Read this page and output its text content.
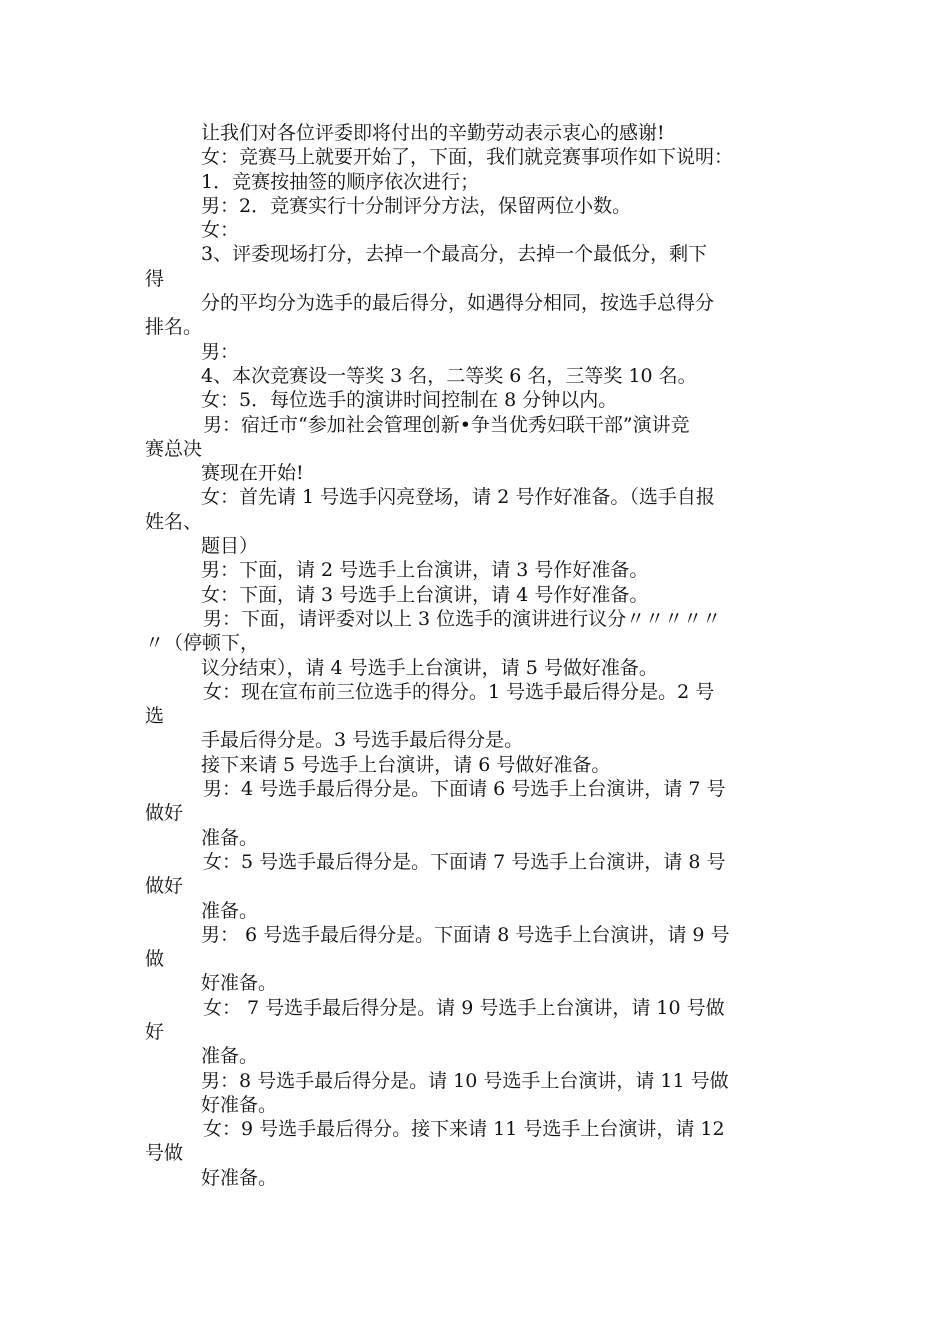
让我们对各位评委即将付出的辛勤劳动表示衷心的感谢!
女：竞赛马上就要开始了，下面，我们就竞赛事项作如下说明：
1．竞赛按抽签的顺序依次进行；
男：2．竞赛实行十分制评分方法，保留两位小数。
女：
3、评委现场打分，去掉一个最高分，去掉一个最低分，剩下
得
分的平均分为选手的最后得分，如遇得分相同，按选手总得分
排名。
男：
4、本次竞赛设一等奖 3 名，二等奖 6 名，三等奖 10 名。
女：5．每位选手的演讲时间控制在 8 分钟以内。
男：宿迁市“参加社会管理创新•争当优秀妇联干部”演讲竞
赛总决
赛现在开始!
女：首先请 1 号选手闪亮登场，请 2 号作好准备。（选手自报
姓名、
题目）
男：下面，请 2 号选手上台演讲，请 3 号作好准备。
女：下面，请 3 号选手上台演讲，请 4 号作好准备。
男：下面，请评委对以上 3 位选手的演讲进行议分〃〃〃〃〃
〃（停顿下，
议分结束），请 4 号选手上台演讲，请 5 号做好准备。
女：现在宣布前三位选手的得分。1 号选手最后得分是。2 号
选
手最后得分是。3 号选手最后得分是。
接下来请 5 号选手上台演讲，请 6 号做好准备。
男：4 号选手最后得分是。下面请 6 号选手上台演讲，请 7 号
做好
准备。
女：5 号选手最后得分是。下面请 7 号选手上台演讲，请 8 号
做好
准备。
男： 6 号选手最后得分是。下面请 8 号选手上台演讲，请 9 号
做
好准备。
女： 7 号选手最后得分是。请 9 号选手上台演讲，请 10 号做
好
准备。
男：8 号选手最后得分是。请 10 号选手上台演讲，请 11 号做
好准备。
女：9 号选手最后得分。接下来请 11 号选手上台演讲，请 12
号做
好准备。
